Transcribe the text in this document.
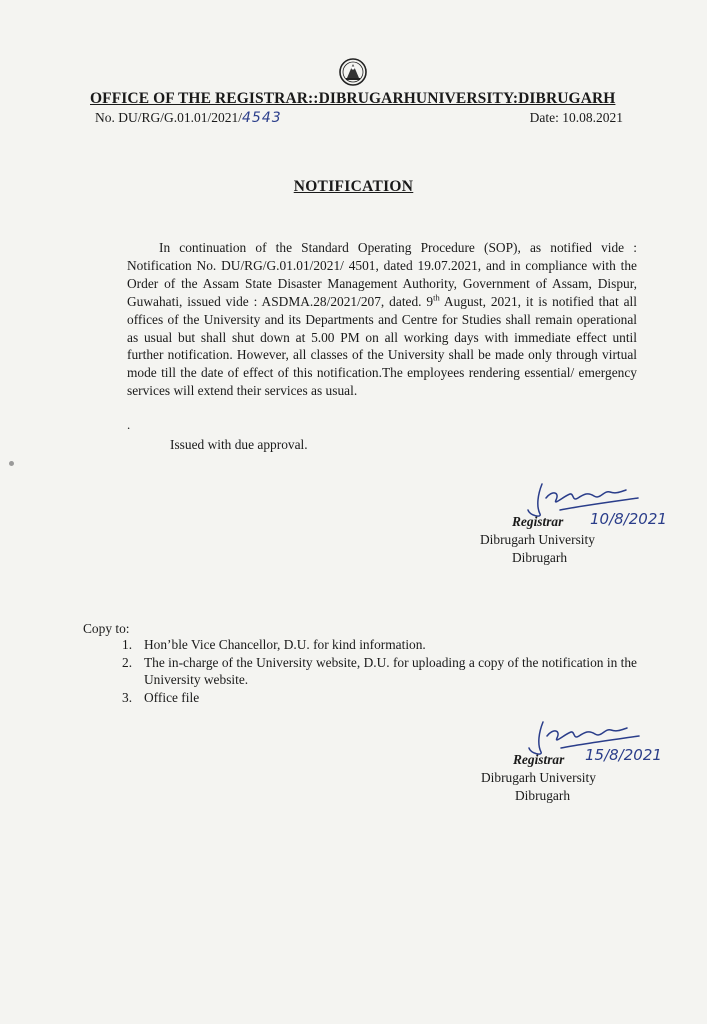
OFFICE OF THE REGISTRAR::DIBRUGARHUNIVERSITY:DIBRUGARH
No. DU/RG/G.01.01/2021/4543	Date: 10.08.2021
NOTIFICATION

In continuation of the Standard Operating Procedure (SOP), as notified vide : Notification No. DU/RG/G.01.01/2021/ 4501, dated 19.07.2021, and in compliance with the Order of the Assam State Disaster Management Authority, Government of Assam, Dispur, Guwahati, issued vide : ASDMA.28/2021/207, dated. 9th August, 2021, it is notified that all offices of the University and its Departments and Centre for Studies shall remain operational as usual but shall shut down at 5.00 PM on all working days with immediate effect until further notification. However, all classes of the University shall be made only through virtual mode till the date of effect of this notification.The employees rendering essential/ emergency services will extend their services as usual.

.
Issued with due approval.
Registrar 10/8/2021
Dibrugarh University
Dibrugarh
Copy to:
1. Hon’ble Vice Chancellor, D.U. for kind information.
2. The in-charge of the University website, D.U. for uploading a copy of the notification in the University website.
3. Office file
Registrar 15/8/2021
Dibrugarh University
Dibrugarh
